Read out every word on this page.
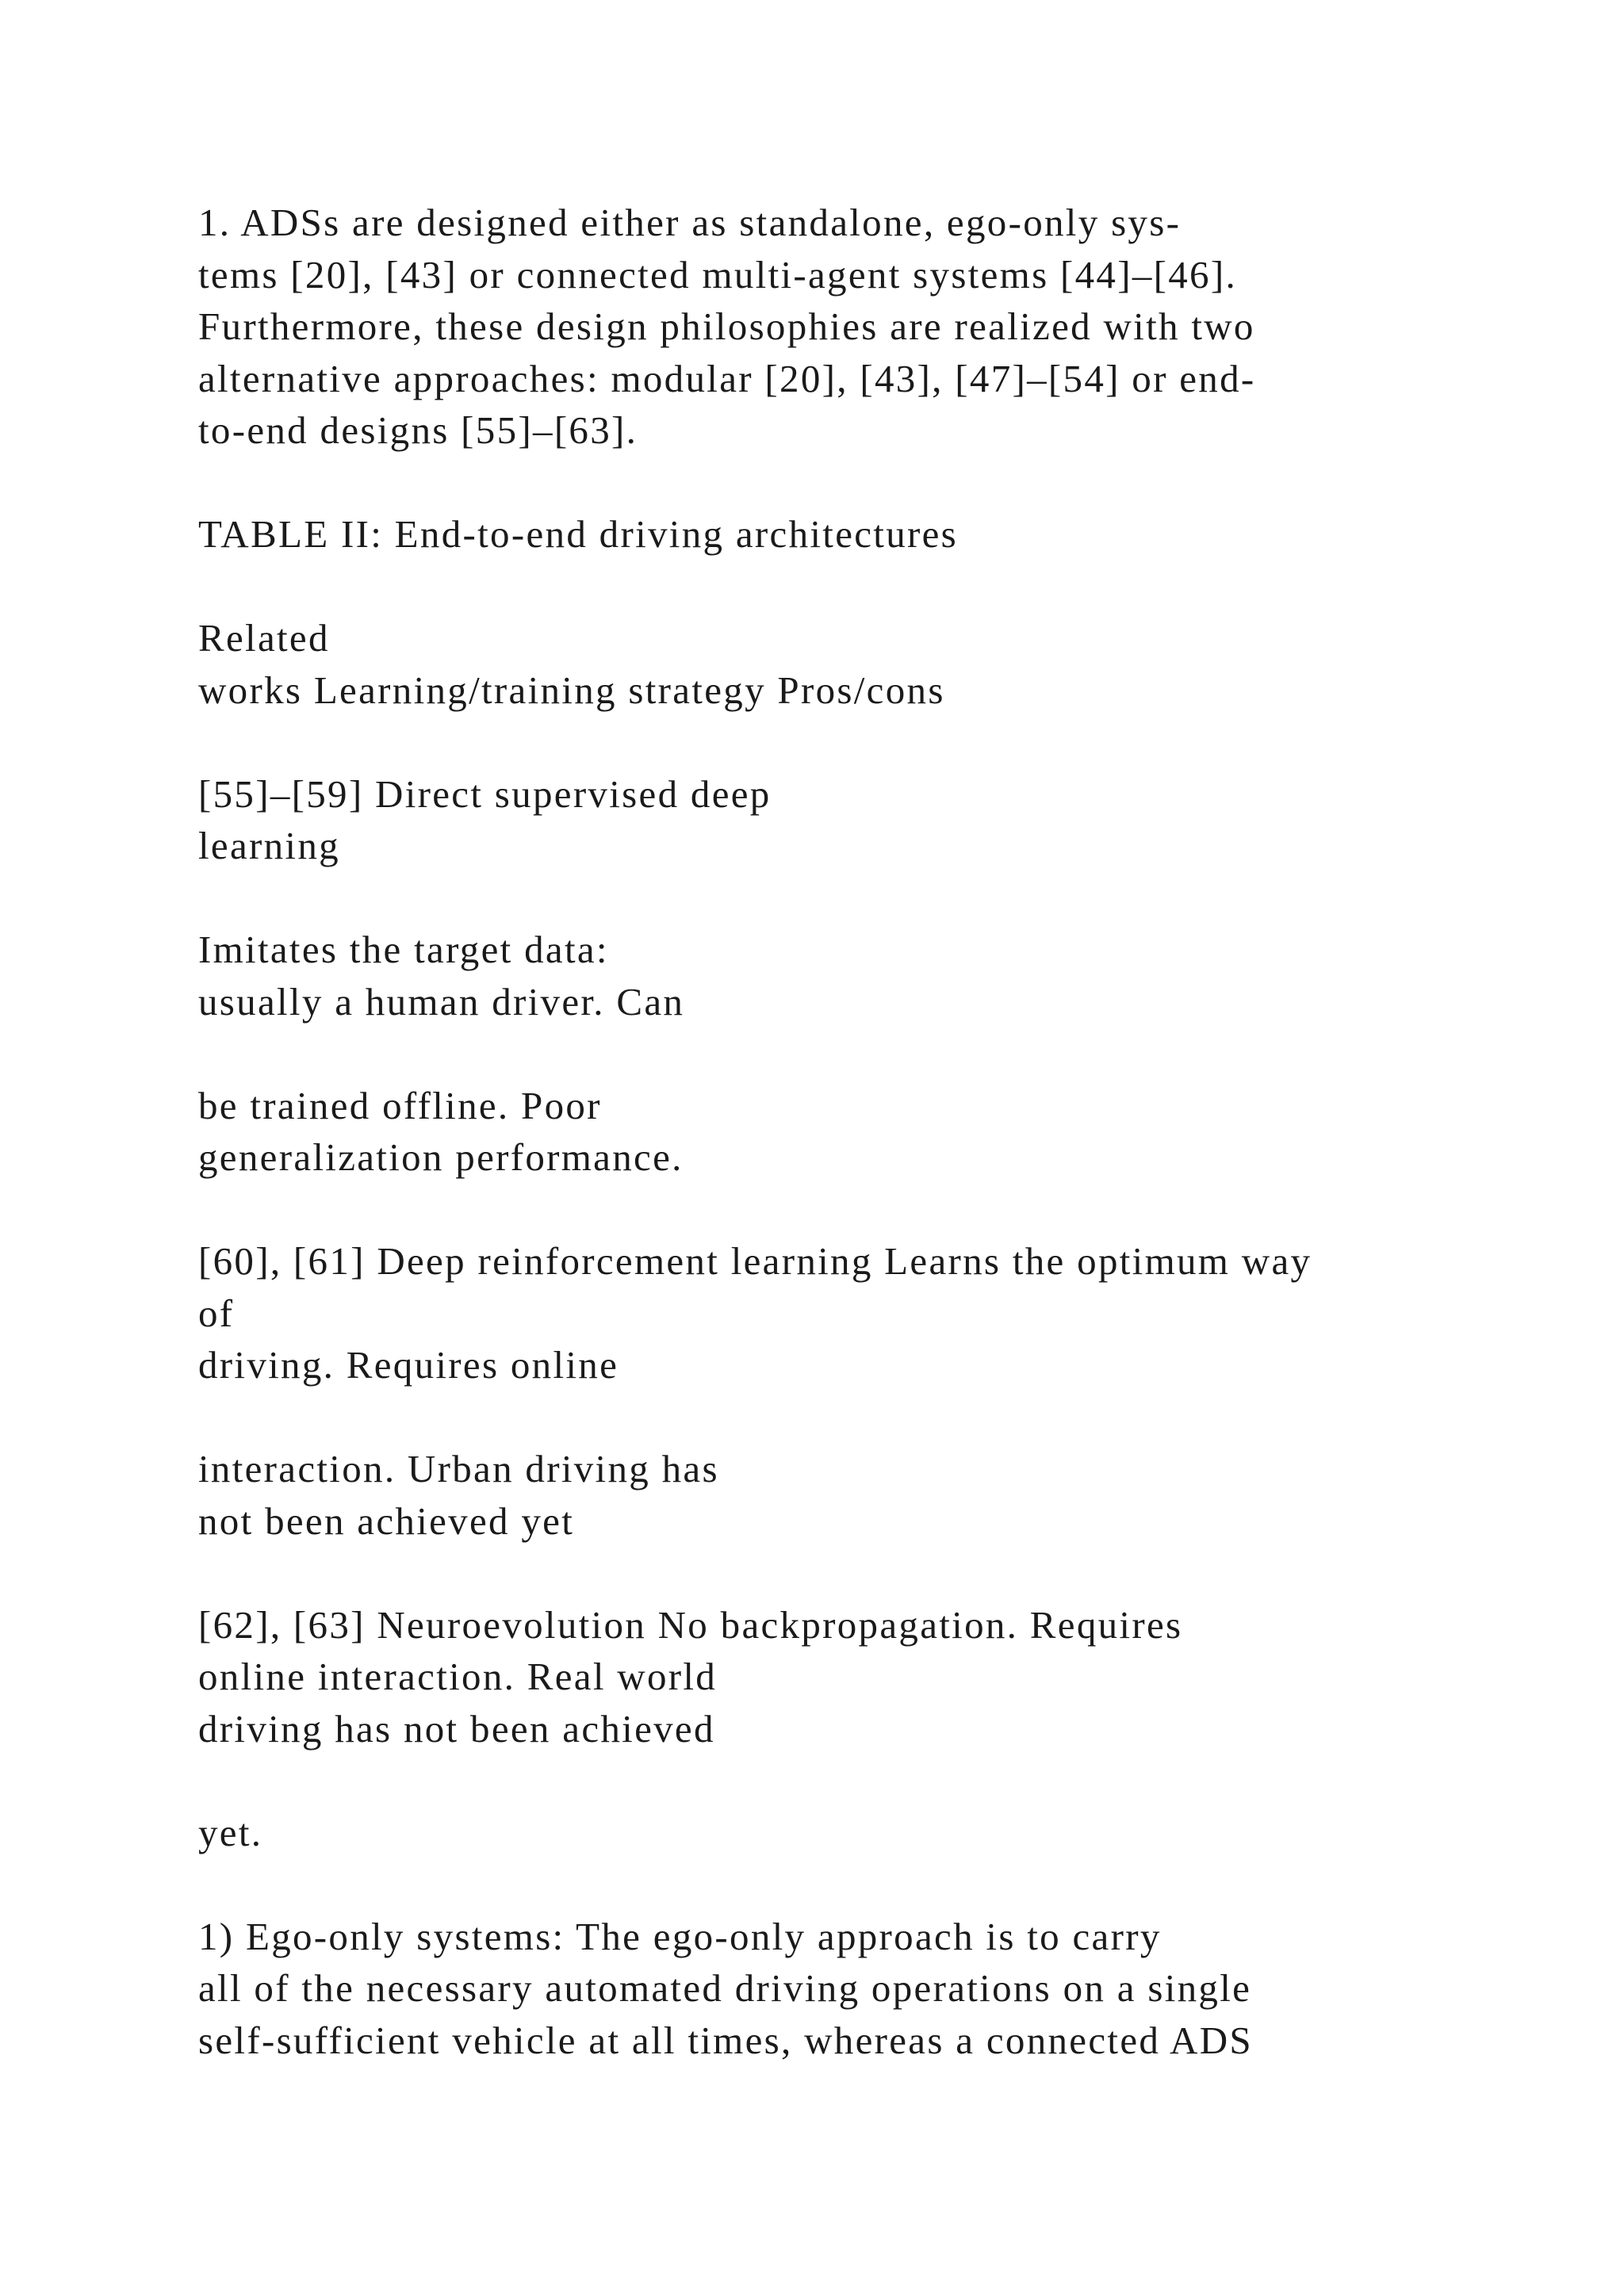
1. ADSs are designed either as standalone, ego-only sys-
tems [20], [43] or connected multi-agent systems [44]–[46].
Furthermore, these design philosophies are realized with two
alternative approaches: modular [20], [43], [47]–[54] or end-
to-end designs [55]–[63].
TABLE II: End-to-end driving architectures
Related
works Learning/training strategy Pros/cons
[55]–[59] Direct supervised deep
learning
Imitates the target data:
usually a human driver. Can
be trained offline. Poor
generalization performance.
[60], [61] Deep reinforcement learning Learns the optimum way
of
driving. Requires online
interaction. Urban driving has
not been achieved yet
[62], [63] Neuroevolution No backpropagation. Requires
online interaction. Real world
driving has not been achieved
yet.
1) Ego-only systems: The ego-only approach is to carry
all of the necessary automated driving operations on a single
self-sufficient vehicle at all times, whereas a connected ADS
